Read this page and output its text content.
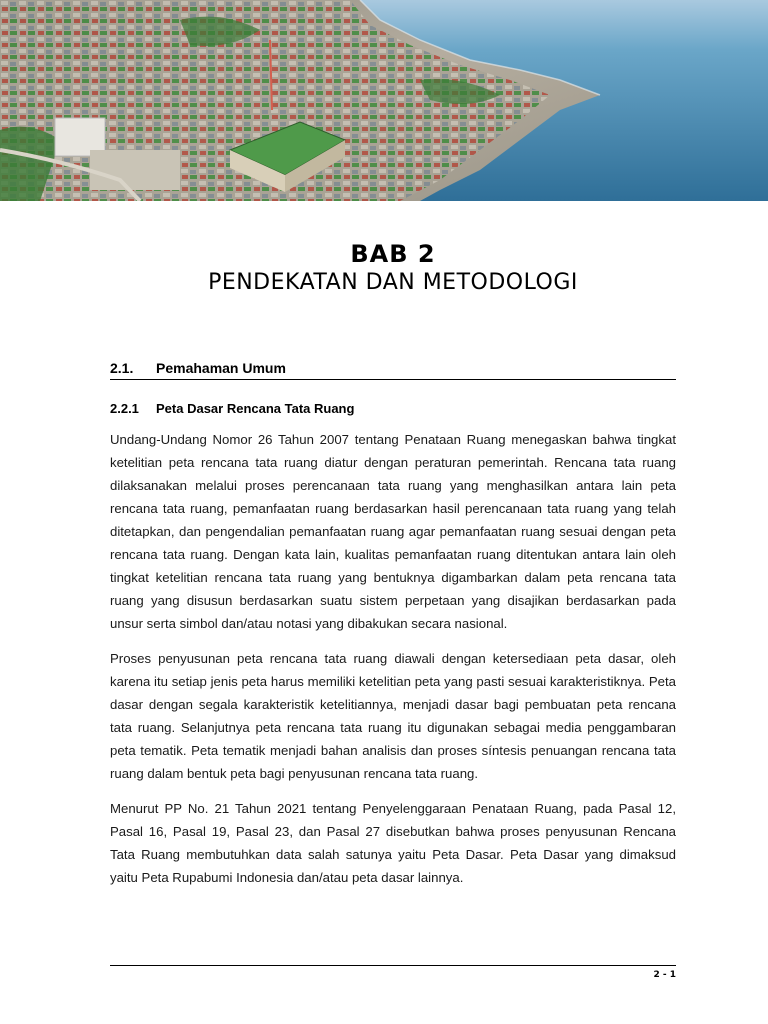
BAB 2
PENDEKATAN DAN METODOLOGI
2.1. Pemahaman Umum
2.2.1 Peta Dasar Rencana Tata Ruang

Undang-Undang Nomor 26 Tahun 2007 tentang Penataan Ruang menegaskan bahwa tingkat ketelitian peta rencana tata ruang diatur dengan peraturan pemerintah. Rencana tata ruang dilaksanakan melalui proses perencanaan tata ruang yang menghasilkan antara lain peta rencana tata ruang, pemanfaatan ruang berdasarkan hasil perencanaan tata ruang yang telah ditetapkan, dan pengendalian pemanfaatan ruang agar pemanfaatan ruang sesuai dengan peta rencana tata ruang. Dengan kata lain, kualitas pemanfaatan ruang ditentukan antara lain oleh tingkat ketelitian rencana tata ruang yang bentuknya digambarkan dalam peta rencana tata ruang yang disusun berdasarkan suatu sistem perpetaan yang disajikan berdasarkan pada unsur serta simbol dan/atau notasi yang dibakukan secara nasional.

Proses penyusunan peta rencana tata ruang diawali dengan ketersediaan peta dasar, oleh karena itu setiap jenis peta harus memiliki ketelitian peta yang pasti sesuai karakteristiknya. Peta dasar dengan segala karakteristik ketelitiannya, menjadi dasar bagi pembuatan peta rencana tata ruang. Selanjutnya peta rencana tata ruang itu digunakan sebagai media penggambaran peta tematik. Peta tematik menjadi bahan analisis dan proses síntesis penuangan rencana tata ruang dalam bentuk peta bagi penyusunan rencana tata ruang.

Menurut PP No. 21 Tahun 2021 tentang Penyelenggaraan Penataan Ruang, pada Pasal 12, Pasal 16, Pasal 19, Pasal 23, dan Pasal 27 disebutkan bahwa proses penyusunan Rencana Tata Ruang membutuhkan data salah satunya yaitu Peta Dasar. Peta Dasar yang dimaksud yaitu Peta Rupabumi Indonesia dan/atau peta dasar lainnya.

2 - 1
